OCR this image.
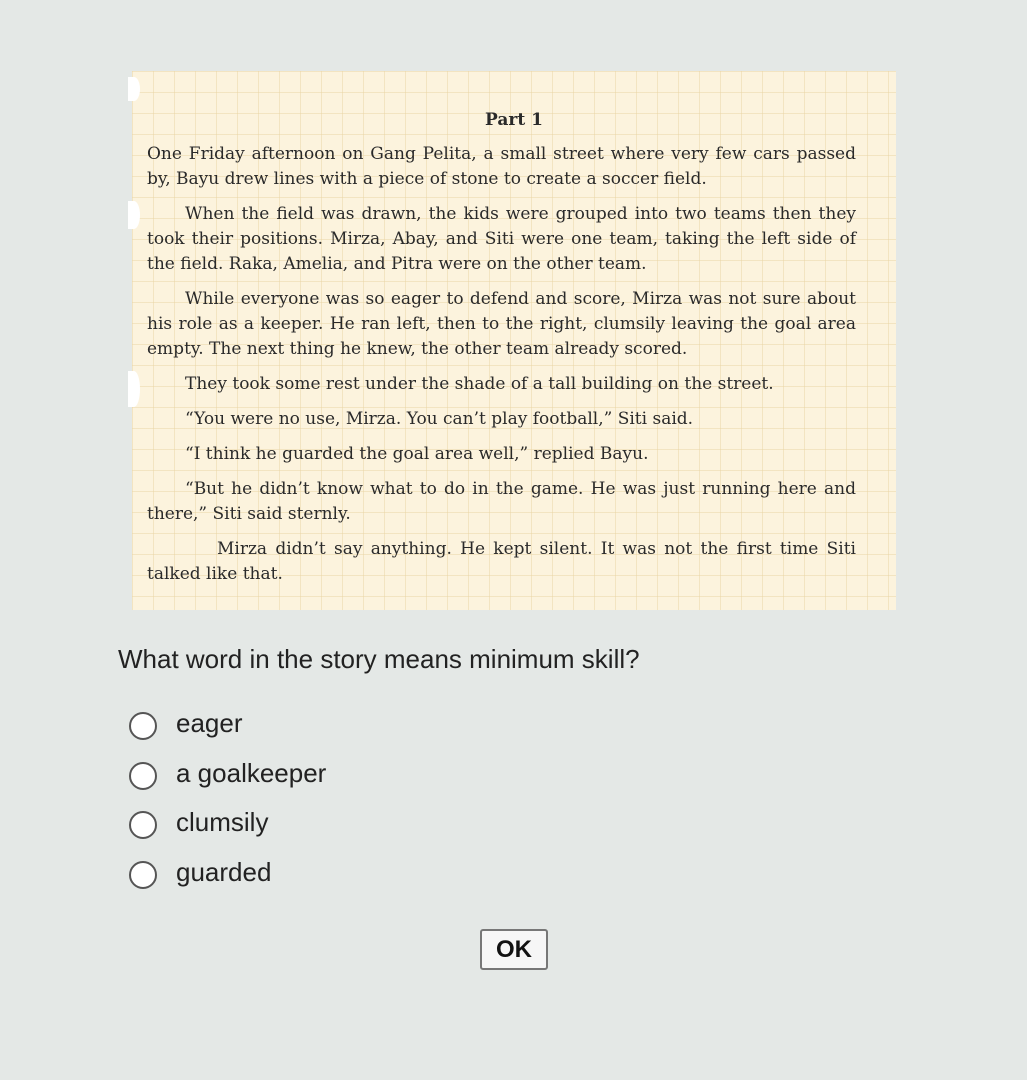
Part 1

One Friday afternoon on Gang Pelita, a small street where very few cars passed by, Bayu drew lines with a piece of stone to create a soccer field.

When the field was drawn, the kids were grouped into two teams then they took their positions. Mirza, Abay, and Siti were one team, taking the left side of the field. Raka, Amelia, and Pitra were on the other team.

While everyone was so eager to defend and score, Mirza was not sure about his role as a keeper. He ran left, then to the right, clumsily leaving the goal area empty. The next thing he knew, the other team already scored.

They took some rest under the shade of a tall building on the street.

“You were no use, Mirza. You can’t play football,” Siti said.

“I think he guarded the goal area well,” replied Bayu.

“But he didn’t know what to do in the game. He was just running here and there,” Siti said sternly.

Mirza didn’t say anything. He kept silent. It was not the first time Siti talked like that.

What word in the story means minimum skill?
eager
a goalkeeper
clumsily
guarded
OK
